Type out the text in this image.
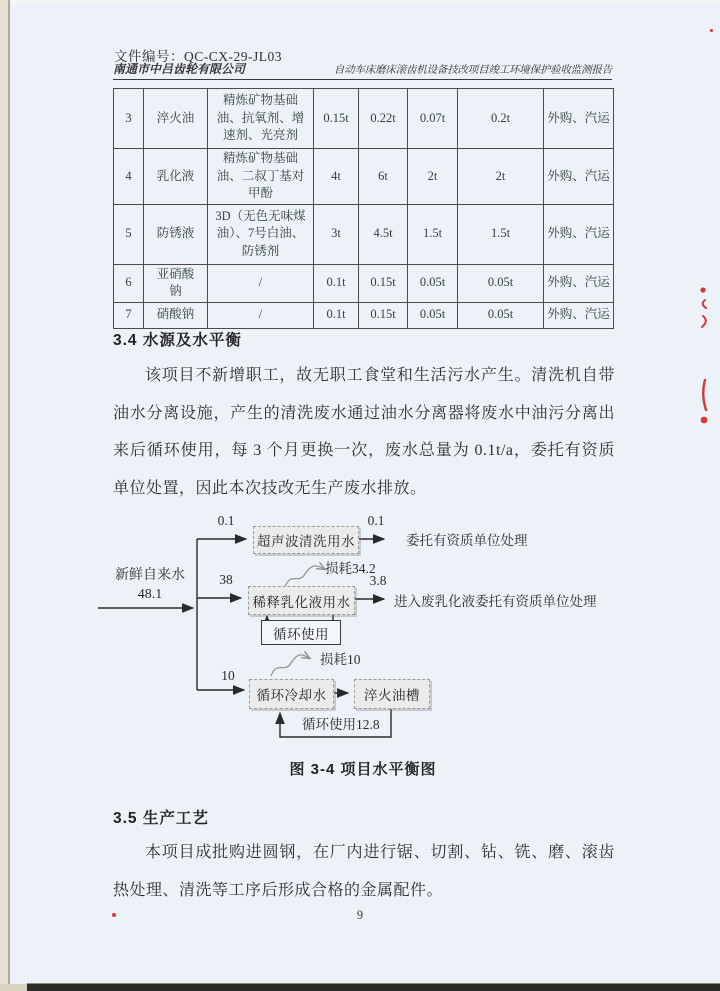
文件编号：QC-CX-29-JL03
南通市中吕齿轮有限公司	自动车床磨床滚齿机设备技改项目竣工环境保护验收监测报告
3	淬火油	精炼矿物基础油、抗氧剂、增速剂、光亮剂	0.15t	0.22t	0.07t	0.2t	外购、汽运
4	乳化液	精炼矿物基础油、二叔丁基对甲酚	4t	6t	2t	2t	外购、汽运
5	防锈液	3D（无色无味煤油）、7号白油、防锈剂	3t	4.5t	1.5t	1.5t	外购、汽运
6	亚硝酸钠	/	0.1t	0.15t	0.05t	0.05t	外购、汽运
7	硝酸钠	/	0.1t	0.15t	0.05t	0.05t	外购、汽运
3.4 水源及水平衡

该项目不新增职工，故无职工食堂和生活污水产生。清洗机自带油水分离设施，产生的清洗废水通过油水分离器将废水中油污分离出来后循环使用，每 3 个月更换一次，废水总量为 0.1t/a，委托有资质单位处置，因此本次技改无生产废水排放。

新鲜自来水
48.1
0.1
超声波清洗用水
0.1
委托有资质单位处理
38
损耗34.2
稀释乳化液用水
3.8
进入废乳化液委托有资质单位处理
循环使用
10
损耗10
循环冷却水	淬火油槽
循环使用12.8
图 3-4 项目水平衡图
3.5 生产工艺

本项目成批购进圆钢，在厂内进行锯、切割、钻、铣、磨、滚齿热处理、清洗等工序后形成合格的金属配件。

9
